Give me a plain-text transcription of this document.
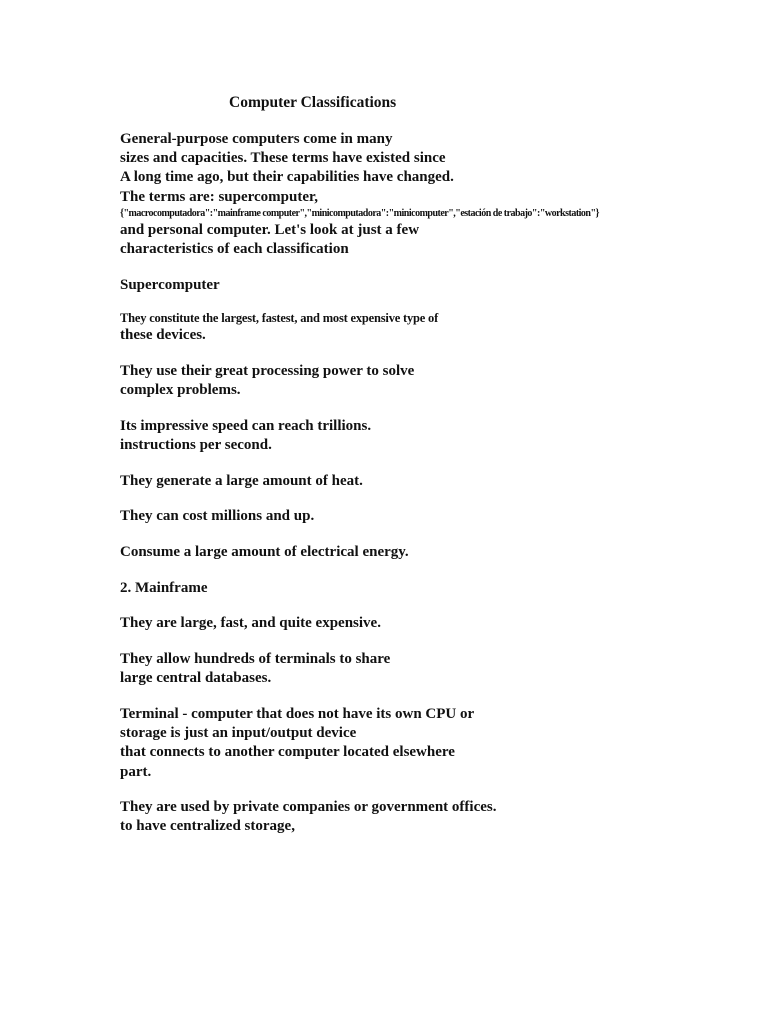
Computer Classifications
General-purpose computers come in many
sizes and capacities. These terms have existed since
A long time ago, but their capabilities have changed.
The terms are: supercomputer,
{"macrocomputadora":"mainframe computer","minicomputadora":"minicomputer","estación de trabajo":"workstation"}
and personal computer. Let's look at just a few
characteristics of each classification
Supercomputer
They constitute the largest, fastest, and most expensive type of
these devices.
They use their great processing power to solve
complex problems.
Its impressive speed can reach trillions.
instructions per second.
They generate a large amount of heat.
They can cost millions and up.
Consume a large amount of electrical energy.
2. Mainframe
They are large, fast, and quite expensive.
They allow hundreds of terminals to share
large central databases.
Terminal - computer that does not have its own CPU or
storage is just an input/output device
that connects to another computer located elsewhere
part.
They are used by private companies or government offices.
to have centralized storage,
